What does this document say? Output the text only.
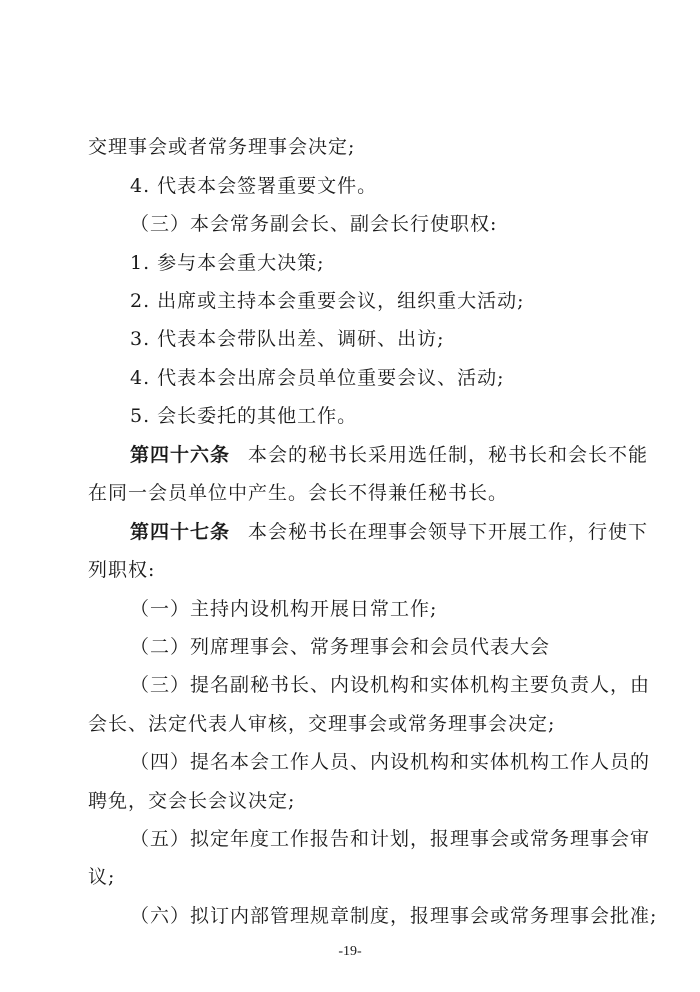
交理事会或者常务理事会决定;
4. 代表本会签署重要文件。
（三）本会常务副会长、副会长行使职权:
1. 参与本会重大决策;
2. 出席或主持本会重要会议，组织重大活动;
3. 代表本会带队出差、调研、出访;
4. 代表本会出席会员单位重要会议、活动;
5. 会长委托的其他工作。
第四十六条 本会的秘书长采用选任制，秘书长和会长不能
在同一会员单位中产生。会长不得兼任秘书长。
第四十七条 本会秘书长在理事会领导下开展工作，行使下
列职权:
（一）主持内设机构开展日常工作;
（二）列席理事会、常务理事会和会员代表大会
（三）提名副秘书长、内设机构和实体机构主要负责人，由
会长、法定代表人审核，交理事会或常务理事会决定;
（四）提名本会工作人员、内设机构和实体机构工作人员的
聘免，交会长会议决定;
（五）拟定年度工作报告和计划，报理事会或常务理事会审
议;
（六）拟订内部管理规章制度，报理事会或常务理事会批准;
-19-
